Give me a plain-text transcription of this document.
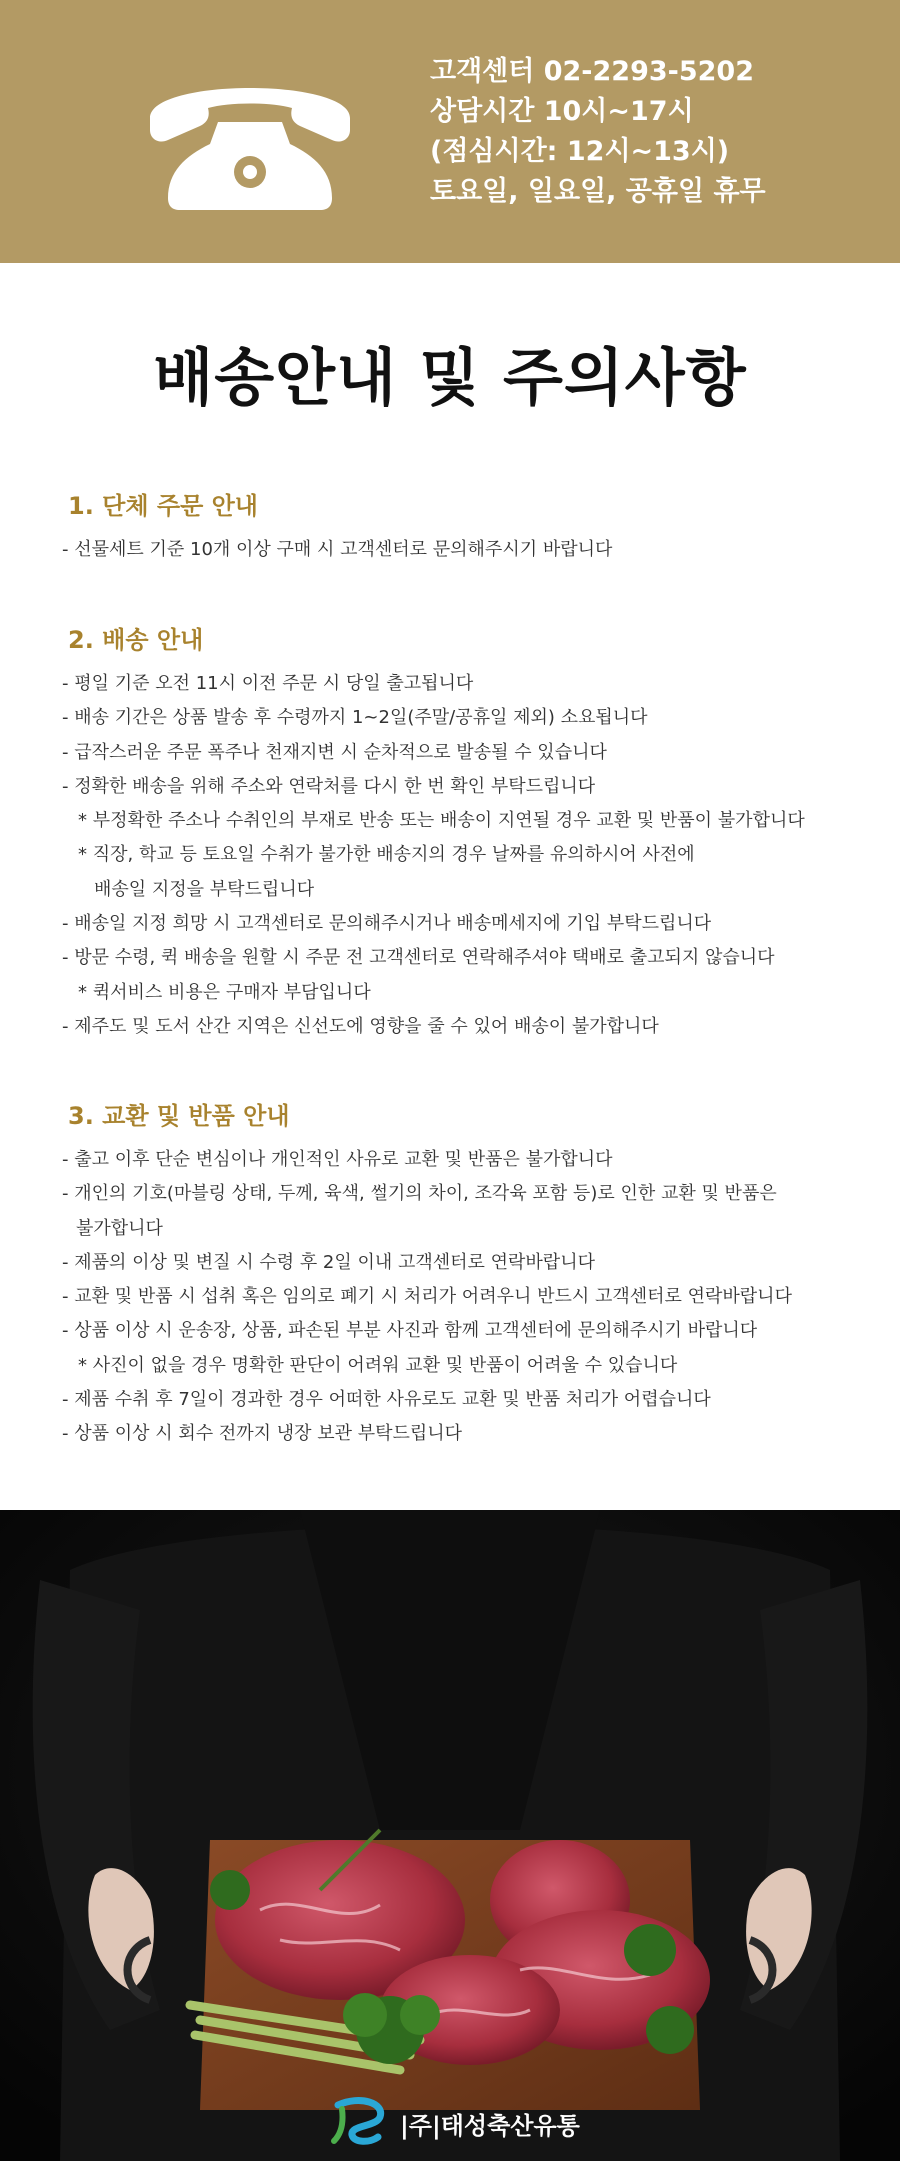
고객센터 02-2293-5202
상담시간 10시~17시
(점심시간: 12시~13시)
토요일, 일요일, 공휴일 휴무
배송안내 및 주의사항
1. 단체 주문 안내
- 선물세트 기준 10개 이상 구매 시 고객센터로 문의해주시기 바랍니다
2. 배송 안내
- 평일 기준 오전 11시 이전 주문 시 당일 출고됩니다
- 배송 기간은 상품 발송 후 수령까지 1~2일(주말/공휴일 제외) 소요됩니다
- 급작스러운 주문 폭주나 천재지변 시 순차적으로 발송될 수 있습니다
- 정확한 배송을 위해 주소와 연락처를 다시 한 번 확인 부탁드립니다
* 부정확한 주소나 수취인의 부재로 반송 또는 배송이 지연될 경우 교환 및 반품이 불가합니다
* 직장, 학교 등 토요일 수취가 불가한 배송지의 경우 날짜를 유의하시어 사전에
배송일 지정을 부탁드립니다
- 배송일 지정 희망 시 고객센터로 문의해주시거나 배송메세지에 기입 부탁드립니다
- 방문 수령, 퀵 배송을 원할 시 주문 전 고객센터로 연락해주셔야 택배로 출고되지 않습니다
* 퀵서비스 비용은 구매자 부담입니다
- 제주도 및 도서 산간 지역은 신선도에 영향을 줄 수 있어 배송이 불가합니다
3. 교환 및 반품 안내
- 출고 이후 단순 변심이나 개인적인 사유로 교환 및 반품은 불가합니다
- 개인의 기호(마블링 상태, 두께, 육색, 썰기의 차이, 조각육 포함 등)로 인한 교환 및 반품은
불가합니다
- 제품의 이상 및 변질 시 수령 후 2일 이내 고객센터로 연락바랍니다
- 교환 및 반품 시 섭취 혹은 임의로 폐기 시 처리가 어려우니 반드시 고객센터로 연락바랍니다
- 상품 이상 시 운송장, 상품, 파손된 부분 사진과 함께 고객센터에 문의해주시기 바랍니다
* 사진이 없을 경우 명확한 판단이 어려워 교환 및 반품이 어려울 수 있습니다
- 제품 수취 후 7일이 경과한 경우 어떠한 사유로도 교환 및 반품 처리가 어렵습니다
- 상품 이상 시 회수 전까지 냉장 보관 부탁드립니다
|주|태성축산유통
